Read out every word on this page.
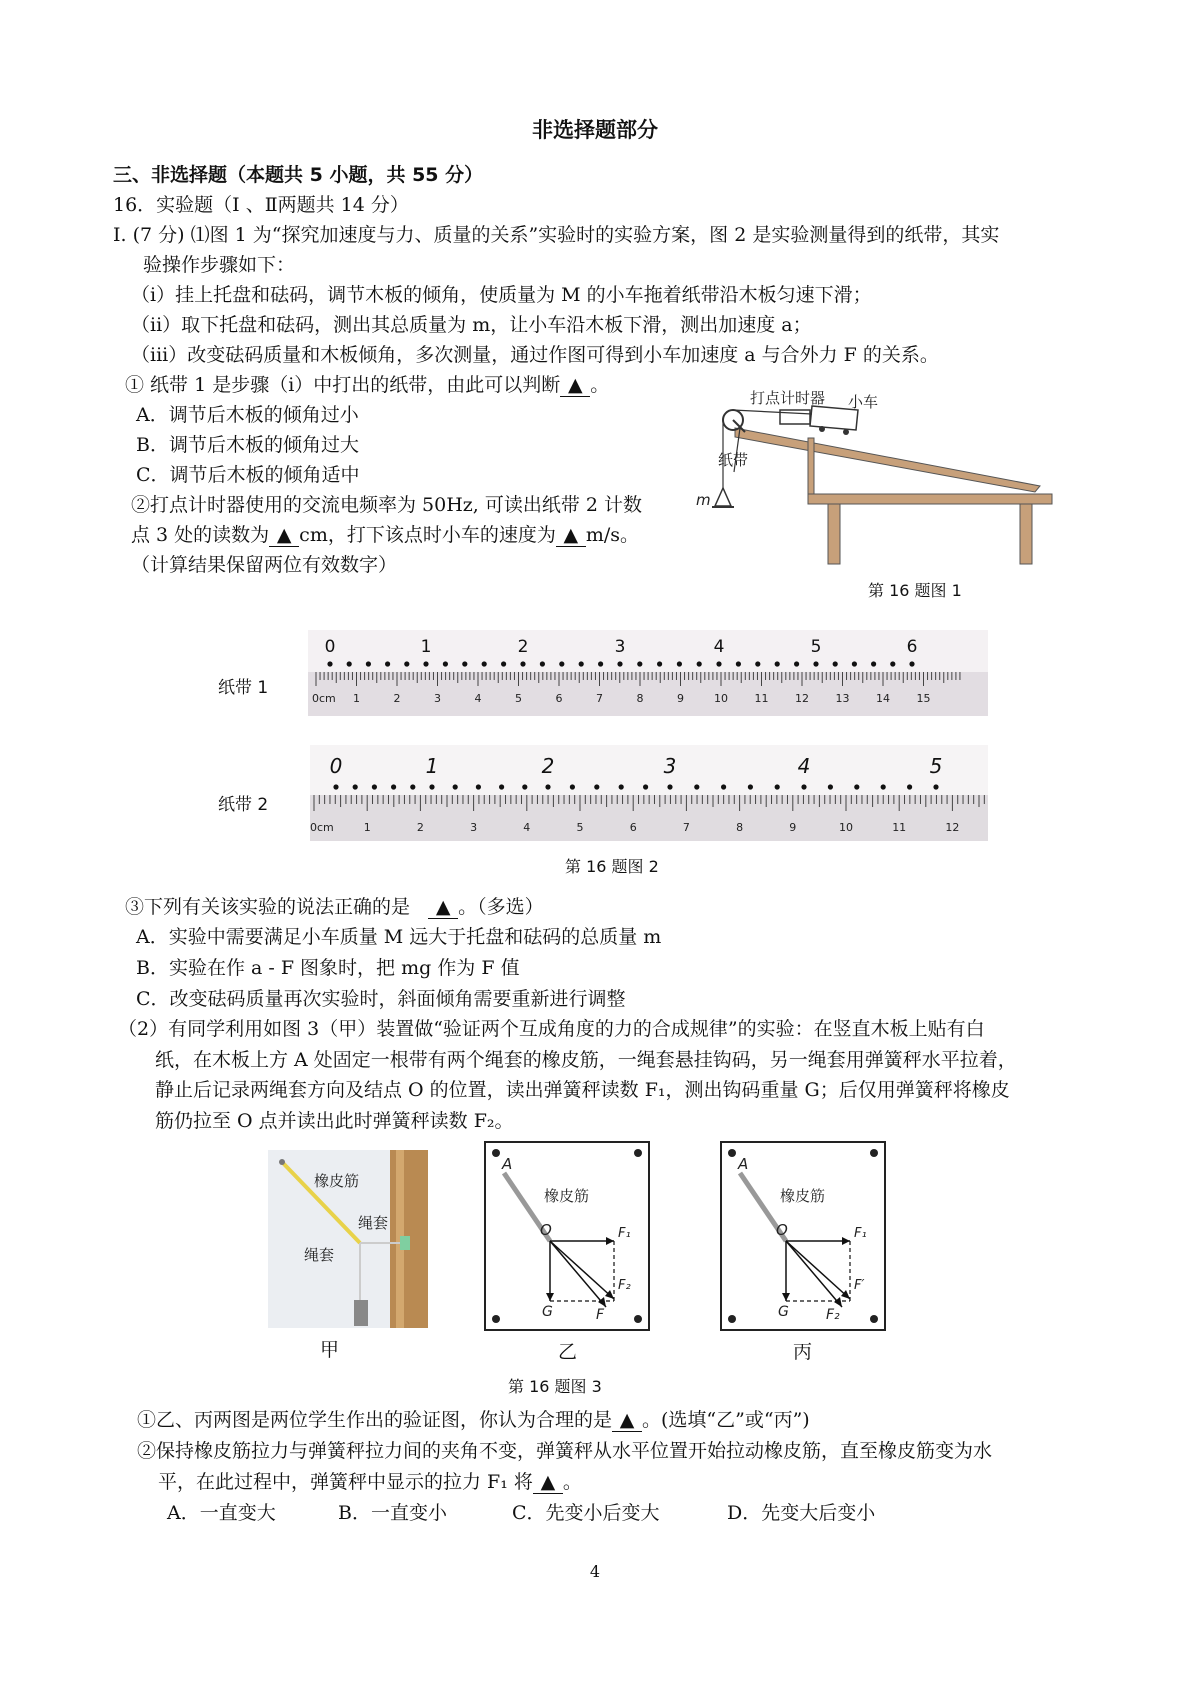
非选择题部分
三、非选择题（本题共 5 小题，共 55 分）
16．实验题（Ⅰ 、Ⅱ两题共 14 分）
I. (7 分) ⑴图 1 为“探究加速度与力、质量的关系”实验时的实验方案，图 2 是实验测量得到的纸带，其实
验操作步骤如下：
（i）挂上托盘和砝码，调节木板的倾角，使质量为 M 的小车拖着纸带沿木板匀速下滑；
（ii）取下托盘和砝码，测出其总质量为 m，让小车沿木板下滑，测出加速度 a；
（iii）改变砝码质量和木板倾角，多次测量，通过作图可得到小车加速度 a 与合外力 F 的关系。
① 纸带 1 是步骤（i）中打出的纸带，由此可以判断 ▲ 。
A．调节后木板的倾角过小
B．调节后木板的倾角过大
C．调节后木板的倾角适中
②打点计时器使用的交流电频率为 50Hz, 可读出纸带 2 计数
点 3 处的读数为 ▲ cm，打下该点时小车的速度为 ▲ m/s。
（计算结果保留两位有效数字）
打点计时器 小车
纸带
m
第 16 题图 1
纸带 1
0	1	2	3	4	5	6
0cm 1	2	3	4	5	6	7	8	9	10 11 12 13 14 15
纸带 2
0	1	2	3	4	5
0cm	1	2	3	4	5	6	7	8	9	10	11	12
第 16 题图 2
③下列有关该实验的说法正确的是 ▲ 。（多选）
A．实验中需要满足小车质量 M 远大于托盘和砝码的总质量 m
B．实验在作 a - F 图象时，把 mg 作为 F 值
C．改变砝码质量再次实验时，斜面倾角需要重新进行调整
（2）有同学利用如图 3（甲）装置做“验证两个互成角度的力的合成规律”的实验：在竖直木板上贴有白
纸，在木板上方 A 处固定一根带有两个绳套的橡皮筋，一绳套悬挂钩码，另一绳套用弹簧秤水平拉着，
静止后记录两绳套方向及结点 O 的位置，读出弹簧秤读数 F₁，测出钩码重量 G；后仅用弹簧秤将橡皮
筋仍拉至 O 点并读出此时弹簧秤读数 F₂。
橡皮筋
绳套
绳套
甲
A
O
橡皮筋
F₁
F₂
G	F
乙
A
O
橡皮筋
F₁
F′
G	F₂
丙
第 16 题图 3
①乙、丙两图是两位学生作出的验证图，你认为合理的是 ▲ 。(选填“乙”或“丙”)
②保持橡皮筋拉力与弹簧秤拉力间的夹角不变，弹簧秤从水平位置开始拉动橡皮筋，直至橡皮筋变为水
平，在此过程中，弹簧秤中显示的拉力 F₁ 将 ▲ 。
A．一直变大	B．一直变小	C．先变小后变大	D．先变大后变小
4
